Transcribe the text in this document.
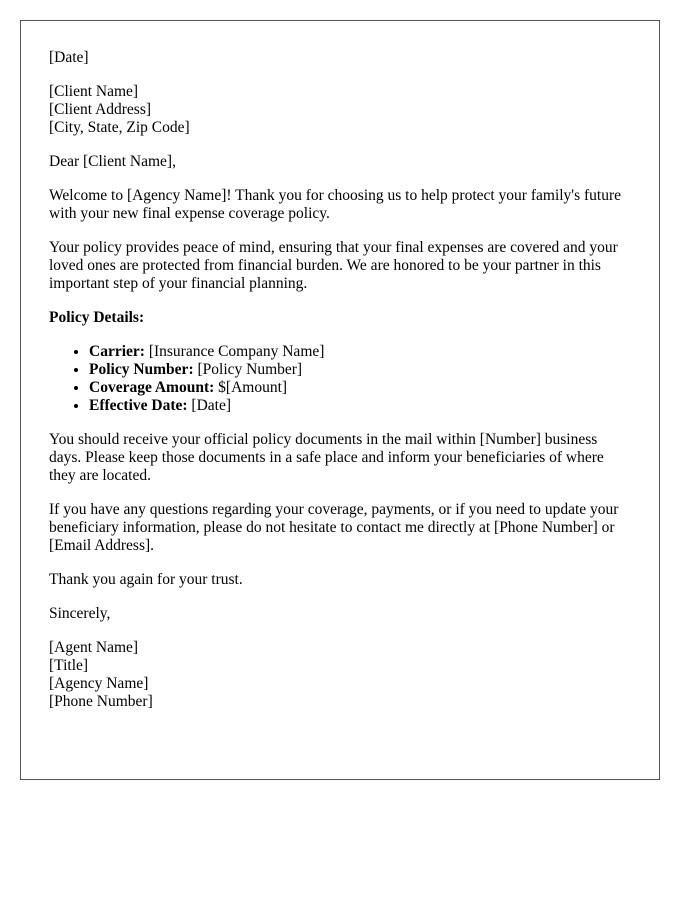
[Date]
[Client Name]
[Client Address]
[City, State, Zip Code]

Dear [Client Name],

Welcome to [Agency Name]! Thank you for choosing us to help protect your family's future with your new final expense coverage policy.

Your policy provides peace of mind, ensuring that your final expenses are covered and your loved ones are protected from financial burden. We are honored to be your partner in this important step of your financial planning.

Policy Details:
• Carrier: [Insurance Company Name]
• Policy Number: [Policy Number]
• Coverage Amount: $[Amount]
• Effective Date: [Date]

You should receive your official policy documents in the mail within [Number] business days. Please keep those documents in a safe place and inform your beneficiaries of where they are located.

If you have any questions regarding your coverage, payments, or if you need to update your beneficiary information, please do not hesitate to contact me directly at [Phone Number] or [Email Address].

Thank you again for your trust.

Sincerely,

[Agent Name]
[Title]
[Agency Name]
[Phone Number]
